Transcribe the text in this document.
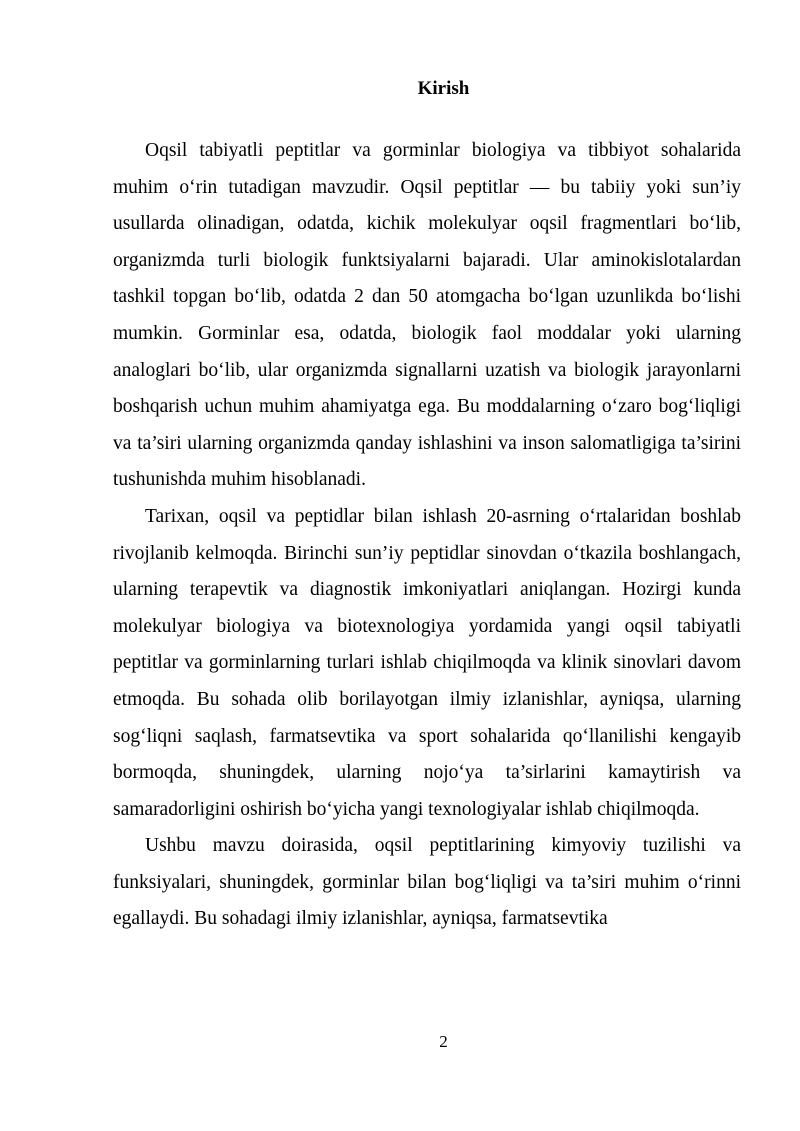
Kirish

Oqsil tabiyatli peptitlar va gorminlar biologiya va tibbiyot sohalarida muhim o‘rin tutadigan mavzudir. Oqsil peptitlar — bu tabiiy yoki sun’iy usullarda olinadigan, odatda, kichik molekulyar oqsil fragmentlari bo‘lib, organizmda turli biologik funktsiyalarni bajaradi. Ular aminokislotalardan tashkil topgan bo‘lib, odatda 2 dan 50 atomgacha bo‘lgan uzunlikda bo‘lishi mumkin. Gorminlar esa, odatda, biologik faol moddalar yoki ularning analoglari bo‘lib, ular organizmda signallarni uzatish va biologik jarayonlarni boshqarish uchun muhim ahamiyatga ega. Bu moddalarning o‘zaro bog‘liqligi va ta’siri ularning organizmda qanday ishlashini va inson salomatligiga ta’sirini tushunishda muhim hisoblanadi.

Tarixan, oqsil va peptidlar bilan ishlash 20-asrning o‘rtalaridan boshlab rivojlanib kelmoqda. Birinchi sun’iy peptidlar sinovdan o‘tkazila boshlangach, ularning terapevtik va diagnostik imkoniyatlari aniqlangan. Hozirgi kunda molekulyar biologiya va biotexnologiya yordamida yangi oqsil tabiyatli peptitlar va gorminlarning turlari ishlab chiqilmoqda va klinik sinovlari davom etmoqda. Bu sohada olib borilayotgan ilmiy izlanishlar, ayniqsa, ularning sog‘liqni saqlash, farmatsevtika va sport sohalarida qo‘llanilishi kengayib bormoqda, shuningdek, ularning nojo‘ya ta’sirlarini kamaytirish va samaradorligini oshirish bo‘yicha yangi texnologiyalar ishlab chiqilmoqda.

Ushbu mavzu doirasida, oqsil peptitlarining kimyoviy tuzilishi va funksiyalari, shuningdek, gorminlar bilan bog‘liqligi va ta’siri muhim o‘rinni egallaydi. Bu sohadagi ilmiy izlanishlar, ayniqsa, farmatsevtika

2
